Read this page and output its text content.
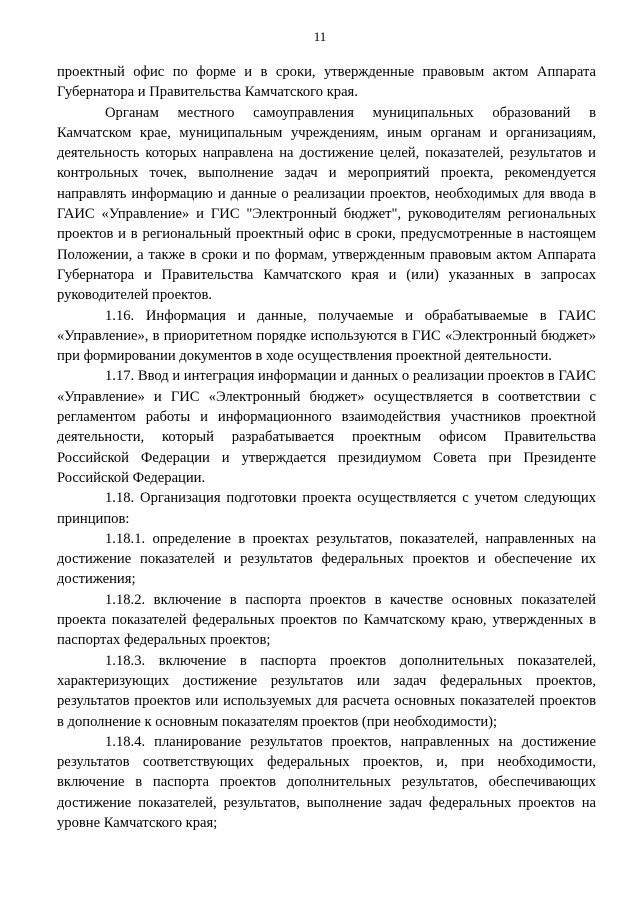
11

проектный офис по форме и в сроки, утвержденные правовым актом Аппарата Губернатора и Правительства Камчатского края.

Органам местного самоуправления муниципальных образований в Камчатском крае, муниципальным учреждениям, иным органам и организациям, деятельность которых направлена на достижение целей, показателей, результатов и контрольных точек, выполнение задач и мероприятий проекта, рекомендуется направлять информацию и данные о реализации проектов, необходимых для ввода в ГАИС «Управление» и ГИС "Электронный бюджет", руководителям региональных проектов и в региональный проектный офис в сроки, предусмотренные в настоящем Положении, а также в сроки и по формам, утвержденным правовым актом Аппарата Губернатора и Правительства Камчатского края и (или) указанных в запросах руководителей проектов.

1.16. Информация и данные, получаемые и обрабатываемые в ГАИС «Управление», в приоритетном порядке используются в ГИС «Электронный бюджет» при формировании документов в ходе осуществления проектной деятельности.

1.17. Ввод и интеграция информации и данных о реализации проектов в ГАИС «Управление» и ГИС «Электронный бюджет» осуществляется в соответствии с регламентом работы и информационного взаимодействия участников проектной деятельности, который разрабатывается проектным офисом Правительства Российской Федерации и утверждается президиумом Совета при Президенте Российской Федерации.

1.18. Организация подготовки проекта осуществляется с учетом следующих принципов:

1.18.1. определение в проектах результатов, показателей, направленных на достижение показателей и результатов федеральных проектов и обеспечение их достижения;

1.18.2. включение в паспорта проектов в качестве основных показателей проекта показателей федеральных проектов по Камчатскому краю, утвержденных в паспортах федеральных проектов;

1.18.3. включение в паспорта проектов дополнительных показателей, характеризующих достижение результатов или задач федеральных проектов, результатов проектов или используемых для расчета основных показателей проектов в дополнение к основным показателям проектов (при необходимости);

1.18.4. планирование результатов проектов, направленных на достижение результатов соответствующих федеральных проектов, и, при необходимости, включение в паспорта проектов дополнительных результатов, обеспечивающих достижение показателей, результатов, выполнение задач федеральных проектов на уровне Камчатского края;
